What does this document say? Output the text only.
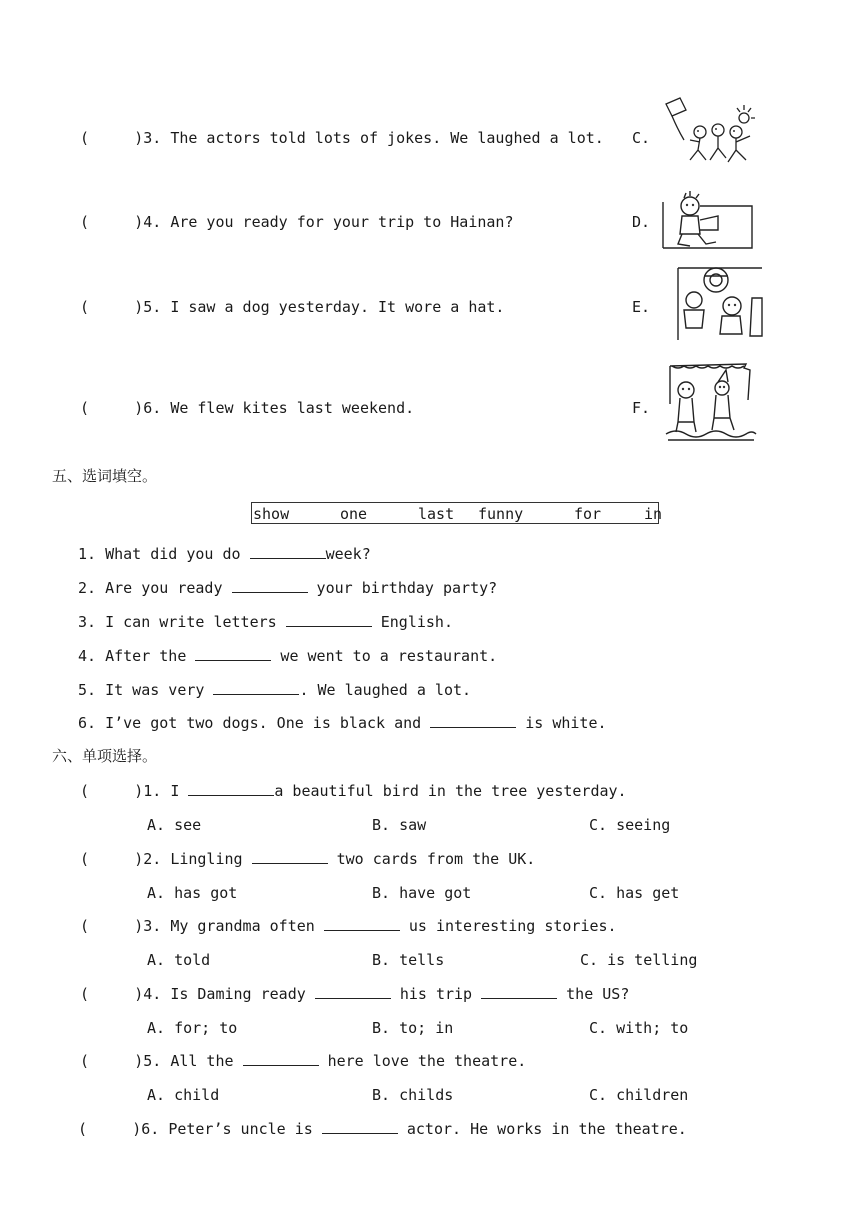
(	)3. The actors told lots of jokes. We laughed a lot. C.
(	)4. Are you ready for your trip to Hainan?	D.
(	)5. I saw a dog yesterday. It wore a hat.	E.
(	)6. We flew kites last weekend.	F.
五、选词填空。
show	one	last funny	for	in
1. What did you do	week?
2. Are you ready	your birthday party?
3. I can write letters	English.
4. After the	we went to a restaurant.
5. It was very	. We laughed a lot.
6. I’ve got two dogs. One is black and	is white.
六、单项选择。
(     )1. I	a beautiful bird in the tree yesterday.
A. see	B. saw	C. seeing
(     )2. Lingling	two cards from the UK.
A. has got	B. have got	C. has get
(     )3. My grandma often	us interesting stories.
A. told	B. tells	C. is telling
(     )4. Is Daming ready	his trip	the US?
A. for; to	B. to; in	C. with; to
(     )5. All the	here love the theatre.
A. child	B. childs	C. children
(     )6. Peter’s uncle is	actor. He works in the theatre.
